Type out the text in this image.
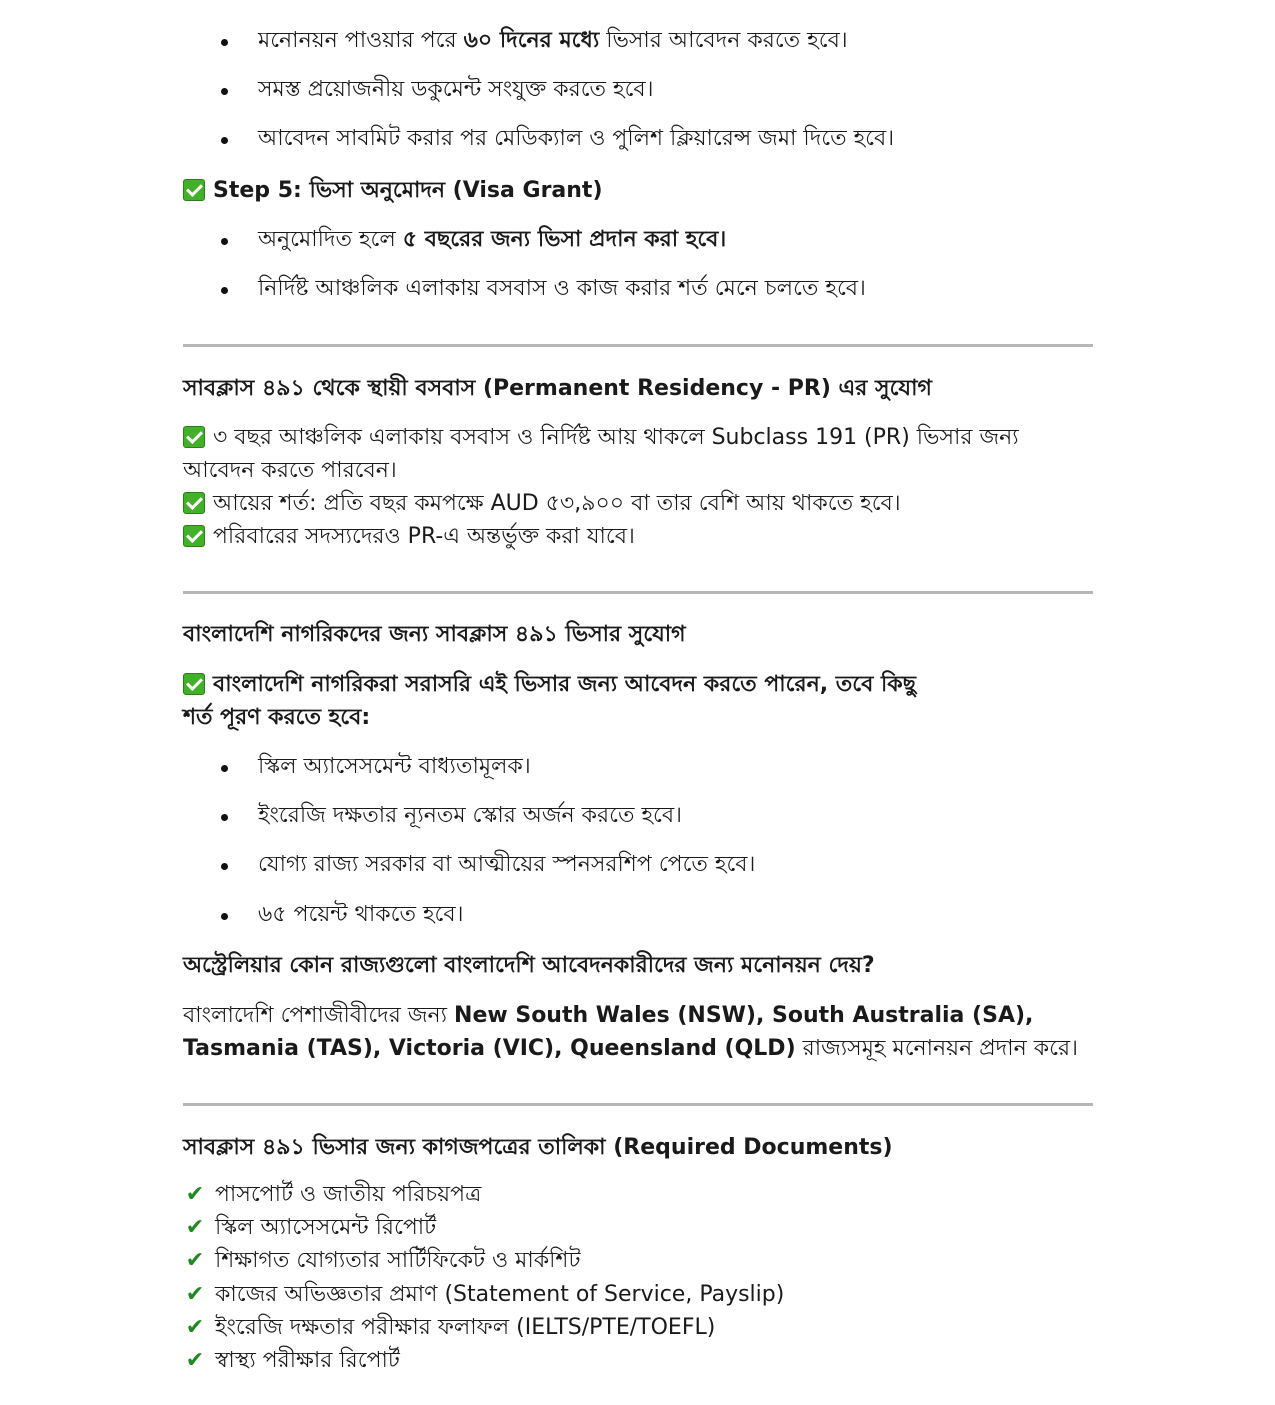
মনোনয়ন পাওয়ার পরে ৬০ দিনের মধ্যে ভিসার আবেদন করতে হবে।
সমস্ত প্রয়োজনীয় ডকুমেন্ট সংযুক্ত করতে হবে।
আবেদন সাবমিট করার পর মেডিক্যাল ও পুলিশ ক্লিয়ারেন্স জমা দিতে হবে।
Step 5: ভিসা অনুমোদন (Visa Grant)
অনুমোদিত হলে ৫ বছরের জন্য ভিসা প্রদান করা হবে।
নির্দিষ্ট আঞ্চলিক এলাকায় বসবাস ও কাজ করার শর্ত মেনে চলতে হবে।
সাবক্লাস ৪৯১ থেকে স্থায়ী বসবাস (Permanent Residency - PR) এর সুযোগ
৩ বছর আঞ্চলিক এলাকায় বসবাস ও নির্দিষ্ট আয় থাকলে Subclass 191 (PR) ভিসার জন্য
আবেদন করতে পারবেন।
আয়ের শর্ত: প্রতি বছর কমপক্ষে AUD ৫৩,৯০০ বা তার বেশি আয় থাকতে হবে।
পরিবারের সদস্যদেরও PR-এ অন্তর্ভুক্ত করা যাবে।
বাংলাদেশি নাগরিকদের জন্য সাবক্লাস ৪৯১ ভিসার সুযোগ
বাংলাদেশি নাগরিকরা সরাসরি এই ভিসার জন্য আবেদন করতে পারেন, তবে কিছু
শর্ত পূরণ করতে হবে:
স্কিল অ্যাসেসমেন্ট বাধ্যতামূলক।
ইংরেজি দক্ষতার ন্যূনতম স্কোর অর্জন করতে হবে।
যোগ্য রাজ্য সরকার বা আত্মীয়ের স্পনসরশিপ পেতে হবে।
৬৫ পয়েন্ট থাকতে হবে।
অস্ট্রেলিয়ার কোন রাজ্যগুলো বাংলাদেশি আবেদনকারীদের জন্য মনোনয়ন দেয়?
বাংলাদেশি পেশাজীবীদের জন্য New South Wales (NSW), South Australia (SA),
Tasmania (TAS), Victoria (VIC), Queensland (QLD) রাজ্যসমূহ মনোনয়ন প্রদান করে।
সাবক্লাস ৪৯১ ভিসার জন্য কাগজপত্রের তালিকা (Required Documents)
✔ পাসপোর্ট ও জাতীয় পরিচয়পত্র
✔ স্কিল অ্যাসেসমেন্ট রিপোর্ট
✔ শিক্ষাগত যোগ্যতার সার্টিফিকেট ও মার্কশিট
✔ কাজের অভিজ্ঞতার প্রমাণ (Statement of Service, Payslip)
✔ ইংরেজি দক্ষতার পরীক্ষার ফলাফল (IELTS/PTE/TOEFL)
✔ স্বাস্থ্য পরীক্ষার রিপোর্ট
